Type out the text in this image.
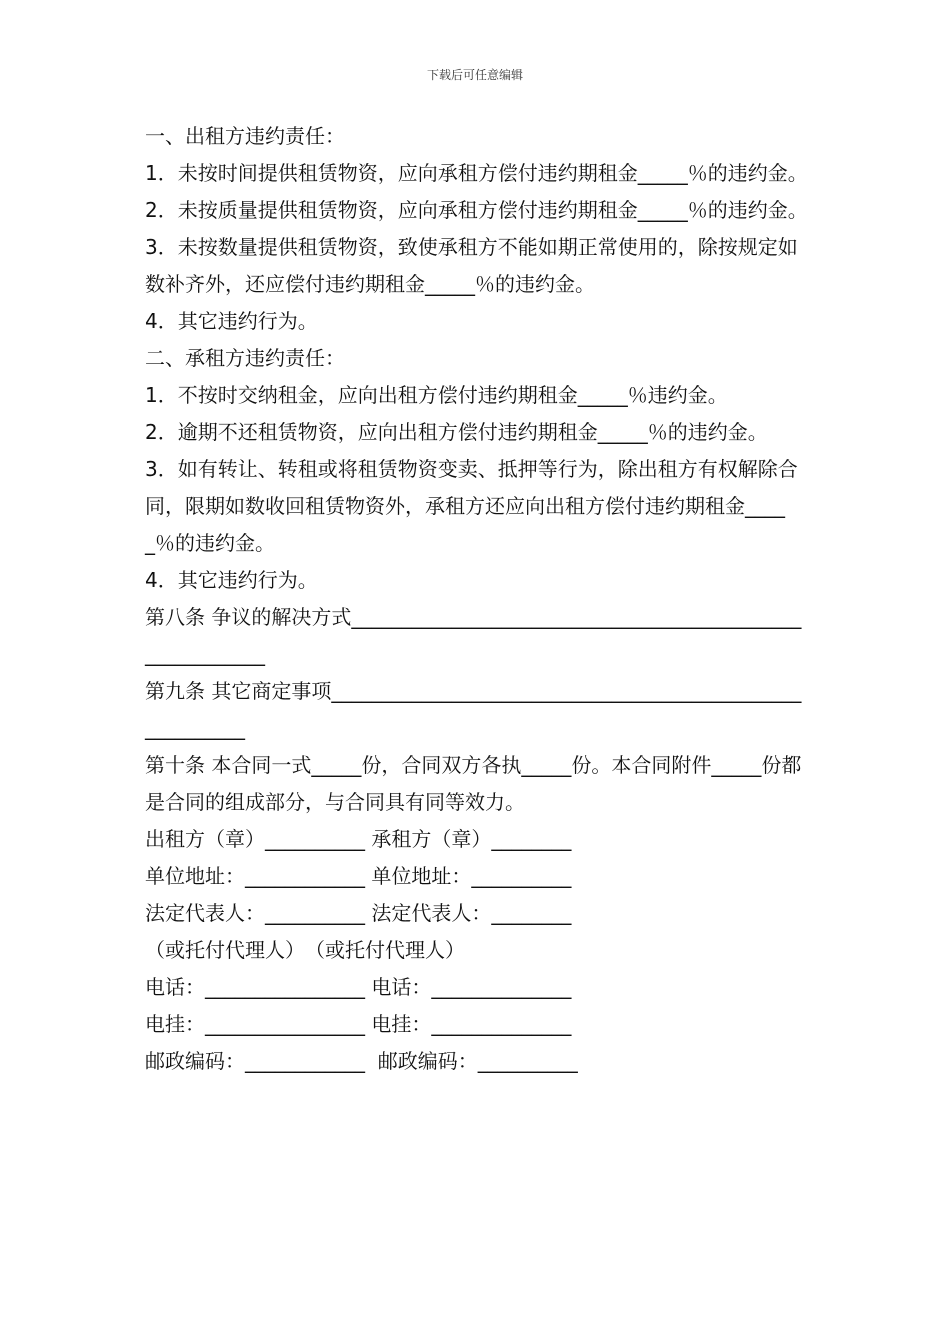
下载后可任意编辑

一、出租方违约责任：

1．未按时间提供租赁物资，应向承租方偿付违约期租金_____％的违约金。

2．未按质量提供租赁物资，应向承租方偿付违约期租金_____％的违约金。

3．未按数量提供租赁物资，致使承租方不能如期正常使用的，除按规定如数补齐外，还应偿付违约期租金_____％的违约金。

4．其它违约行为。

二、承租方违约责任：

1．不按时交纳租金，应向出租方偿付违约期租金_____％违约金。

2．逾期不还租赁物资，应向出租方偿付违约期租金_____％的违约金。

3．如有转让、转租或将租赁物资变卖、抵押等行为，除出租方有权解除合同，限期如数收回租赁物资外，承租方还应向出租方偿付违约期租金_____％的违约金。

4．其它违约行为。

第八条 争议的解决方式_________________________________________________________

第九条 其它商定事项_________________________________________________________

第十条 本合同一式_____份，合同双方各执_____份。本合同附件_____份都是合同的组成部分，与合同具有同等效力。

出租方（章）__________ 承租方（章）________

单位地址：____________ 单位地址：__________

法定代表人：__________ 法定代表人：________

（或托付代理人）　（或托付代理人）

电话：________________ 电话：______________

电挂：________________ 电挂：______________

邮政编码：____________  邮政编码：__________
